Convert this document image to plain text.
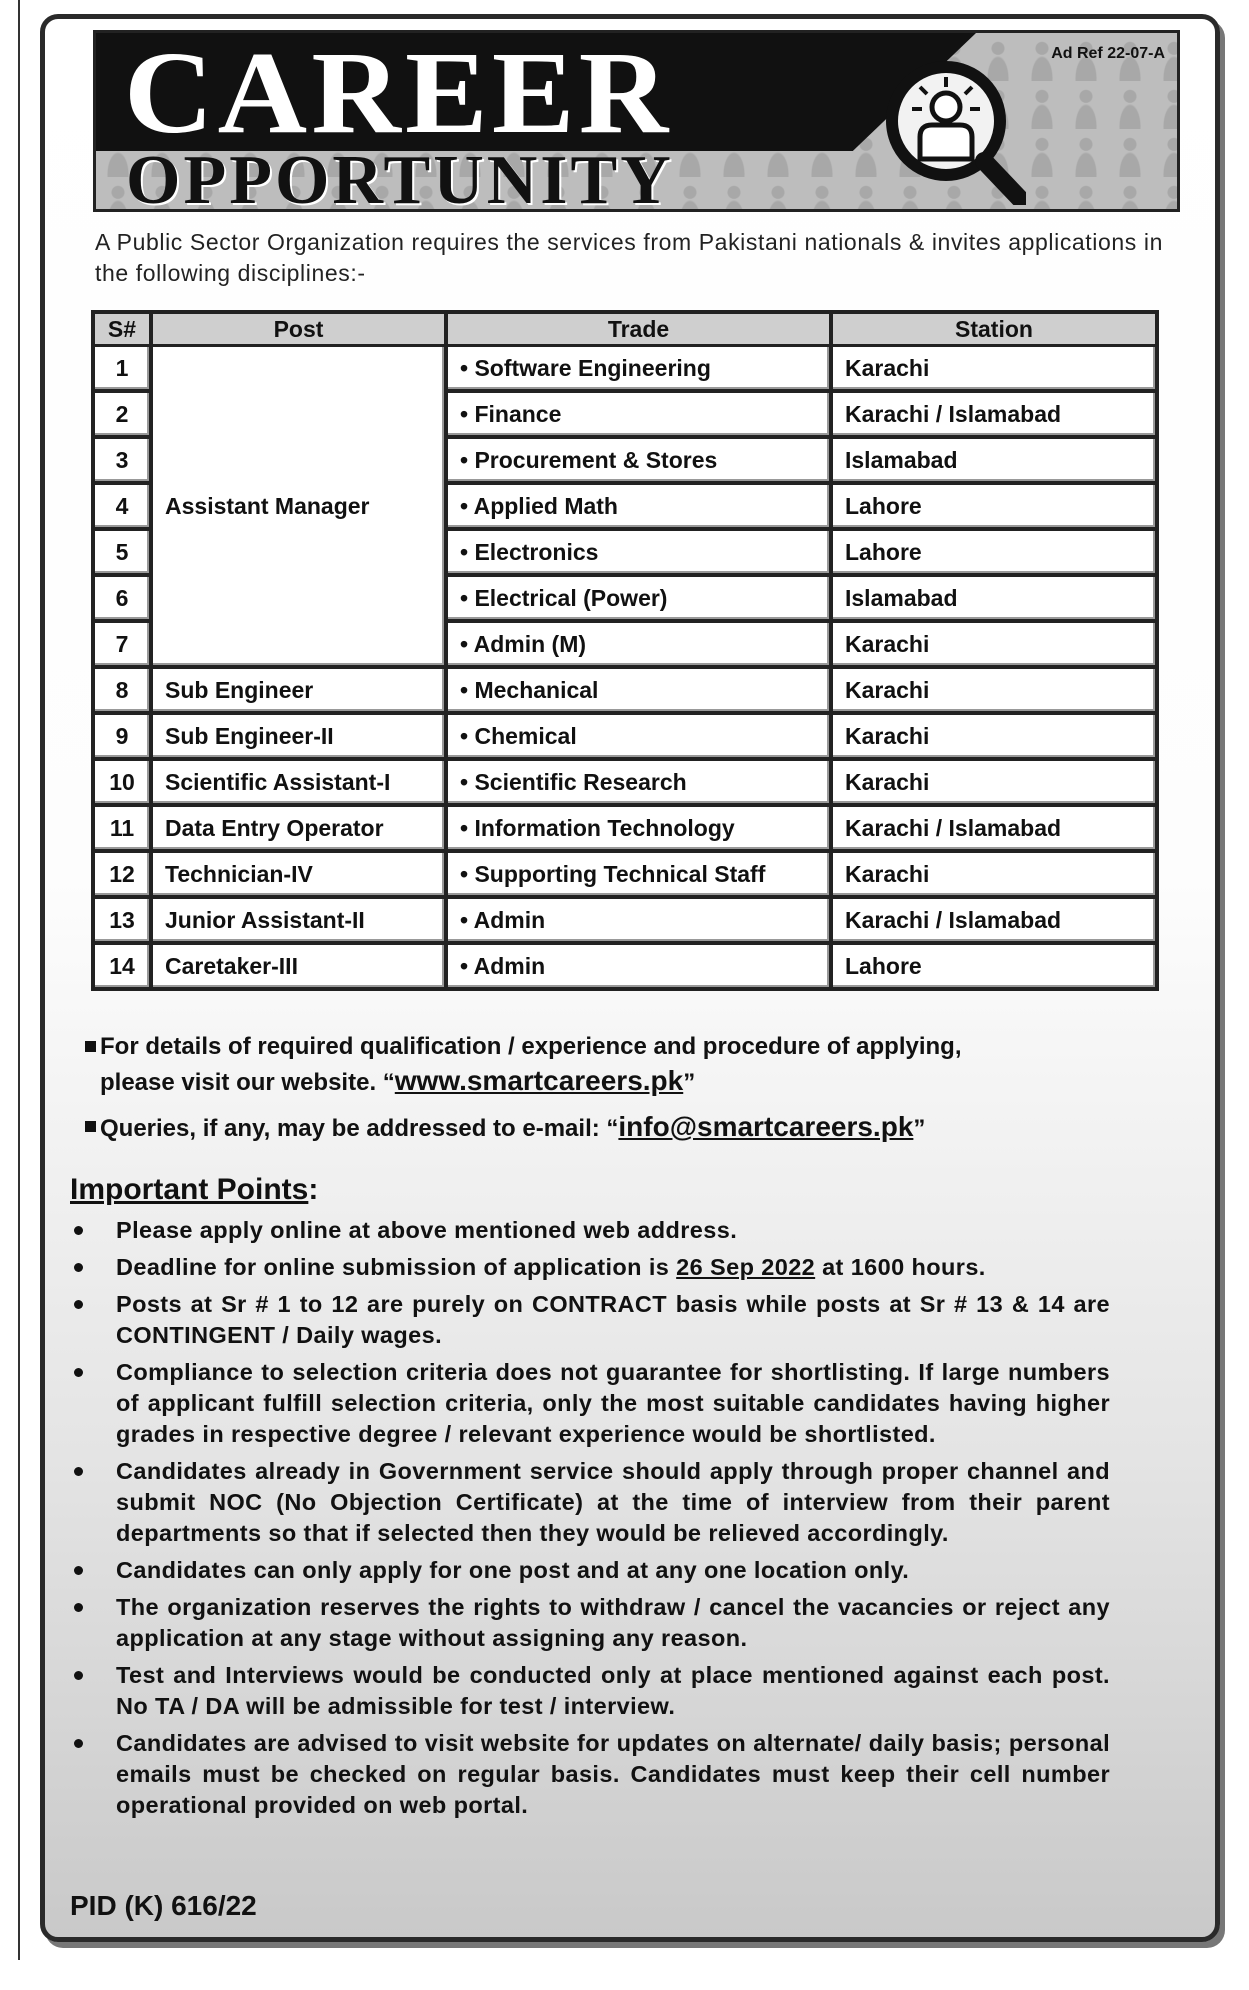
CAREER
OPPORTUNITY
Ad Ref 22-07-A
A Public Sector Organization requires the services from Pakistani nationals & invites applications in the following disciplines:-
S#	Post	Trade	Station
1	Assistant Manager	• Software Engineering	Karachi
2		• Finance	Karachi / Islamabad
3		• Procurement & Stores	Islamabad
4		• Applied Math	Lahore
5		• Electronics	Lahore
6		• Electrical (Power)	Islamabad
7		• Admin (M)	Karachi
8	Sub Engineer	• Mechanical	Karachi
9	Sub Engineer-II	• Chemical	Karachi
10	Scientific Assistant-I	• Scientific Research	Karachi
11	Data Entry Operator	• Information Technology	Karachi / Islamabad
12	Technician-IV	• Supporting Technical Staff	Karachi
13	Junior Assistant-II	• Admin	Karachi / Islamabad
14	Caretaker-III	• Admin	Lahore
For details of required qualification / experience and procedure of applying,
please visit our website. “www.smartcareers.pk”
Queries, if any, may be addressed to e-mail: “info@smartcareers.pk”
Important Points:
Please apply online at above mentioned web address.
Deadline for online submission of application is 26 Sep 2022 at 1600 hours.
Posts at Sr # 1 to 12 are purely on CONTRACT basis while posts at Sr # 13 & 14 are CONTINGENT / Daily wages.
Compliance to selection criteria does not guarantee for shortlisting. If large numbers of applicant fulfill selection criteria, only the most suitable candidates having higher grades in respective degree / relevant experience would be shortlisted.
Candidates already in Government service should apply through proper channel and submit NOC (No Objection Certificate) at the time of interview from their parent departments so that if selected then they would be relieved accordingly.
Candidates can only apply for one post and at any one location only.
The organization reserves the rights to withdraw / cancel the vacancies or reject any application at any stage without assigning any reason.
Test and Interviews would be conducted only at place mentioned against each post. No TA / DA will be admissible for test / interview.
Candidates are advised to visit website for updates on alternate/ daily basis; personal emails must be checked on regular basis. Candidates must keep their cell number operational provided on web portal.
PID (K) 616/22
